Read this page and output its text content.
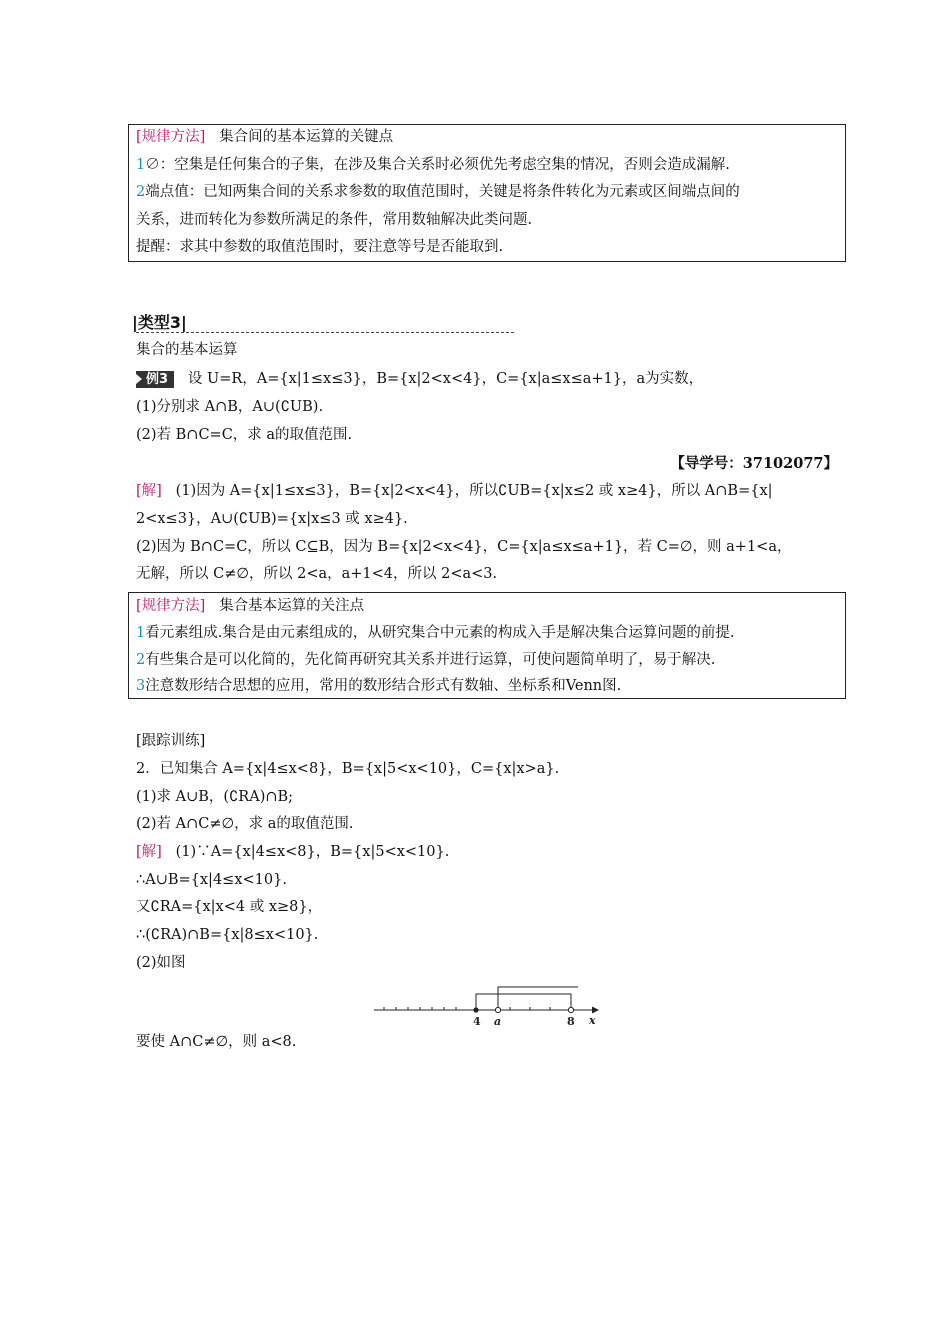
[规律方法] 集合间的基本运算的关键点
1∅：空集是任何集合的子集，在涉及集合关系时必须优先考虑空集的情况，否则会造成漏解.
2端点值：已知两集合间的关系求参数的取值范围时，关键是将条件转化为元素或区间端点间的
关系，进而转化为参数所满足的条件，常用数轴解决此类问题.
提醒：求其中参数的取值范围时，要注意等号是否能取到.
|类型3|
集合的基本运算
例3 设 U=R，A={x|1≤x≤3}，B={x|2<x<4}，C={x|a≤x≤a+1}，a为实数，
(1)分别求 A∩B，A∪(∁UB).
(2)若 B∩C=C，求 a的取值范围.
【导学号：37102077】
[解] (1)因为 A={x|1≤x≤3}，B={x|2<x<4}，所以∁UB={x|x≤2 或 x≥4}，所以 A∩B={x|
2<x≤3}，A∪(∁UB)={x|x≤3 或 x≥4}.
(2)因为 B∩C=C，所以 C⊆B，因为 B={x|2<x<4}，C={x|a≤x≤a+1}，若 C=∅，则 a+1<a，
无解，所以 C≠∅，所以 2<a，a+1<4，所以 2<a<3.
[规律方法] 集合基本运算的关注点
1看元素组成.集合是由元素组成的，从研究集合中元素的构成入手是解决集合运算问题的前提.
2有些集合是可以化简的，先化简再研究其关系并进行运算，可使问题简单明了，易于解决.
3注意数形结合思想的应用，常用的数形结合形式有数轴、坐标系和Venn图.
[跟踪训练]
2．已知集合 A={x|4≤x<8}，B={x|5<x<10}，C={x|x>a}.
(1)求 A∪B，(∁RA)∩B;
(2)若 A∩C≠∅，求 a的取值范围.
[解] (1)∵A={x|4≤x<8}，B={x|5<x<10}.
∴A∪B={x|4≤x<10}.
又∁RA={x|x<4 或 x≥8}，
∴(∁RA)∩B={x|8≤x<10}.
(2)如图
4 a	8 x
要使 A∩C≠∅，则 a<8.
